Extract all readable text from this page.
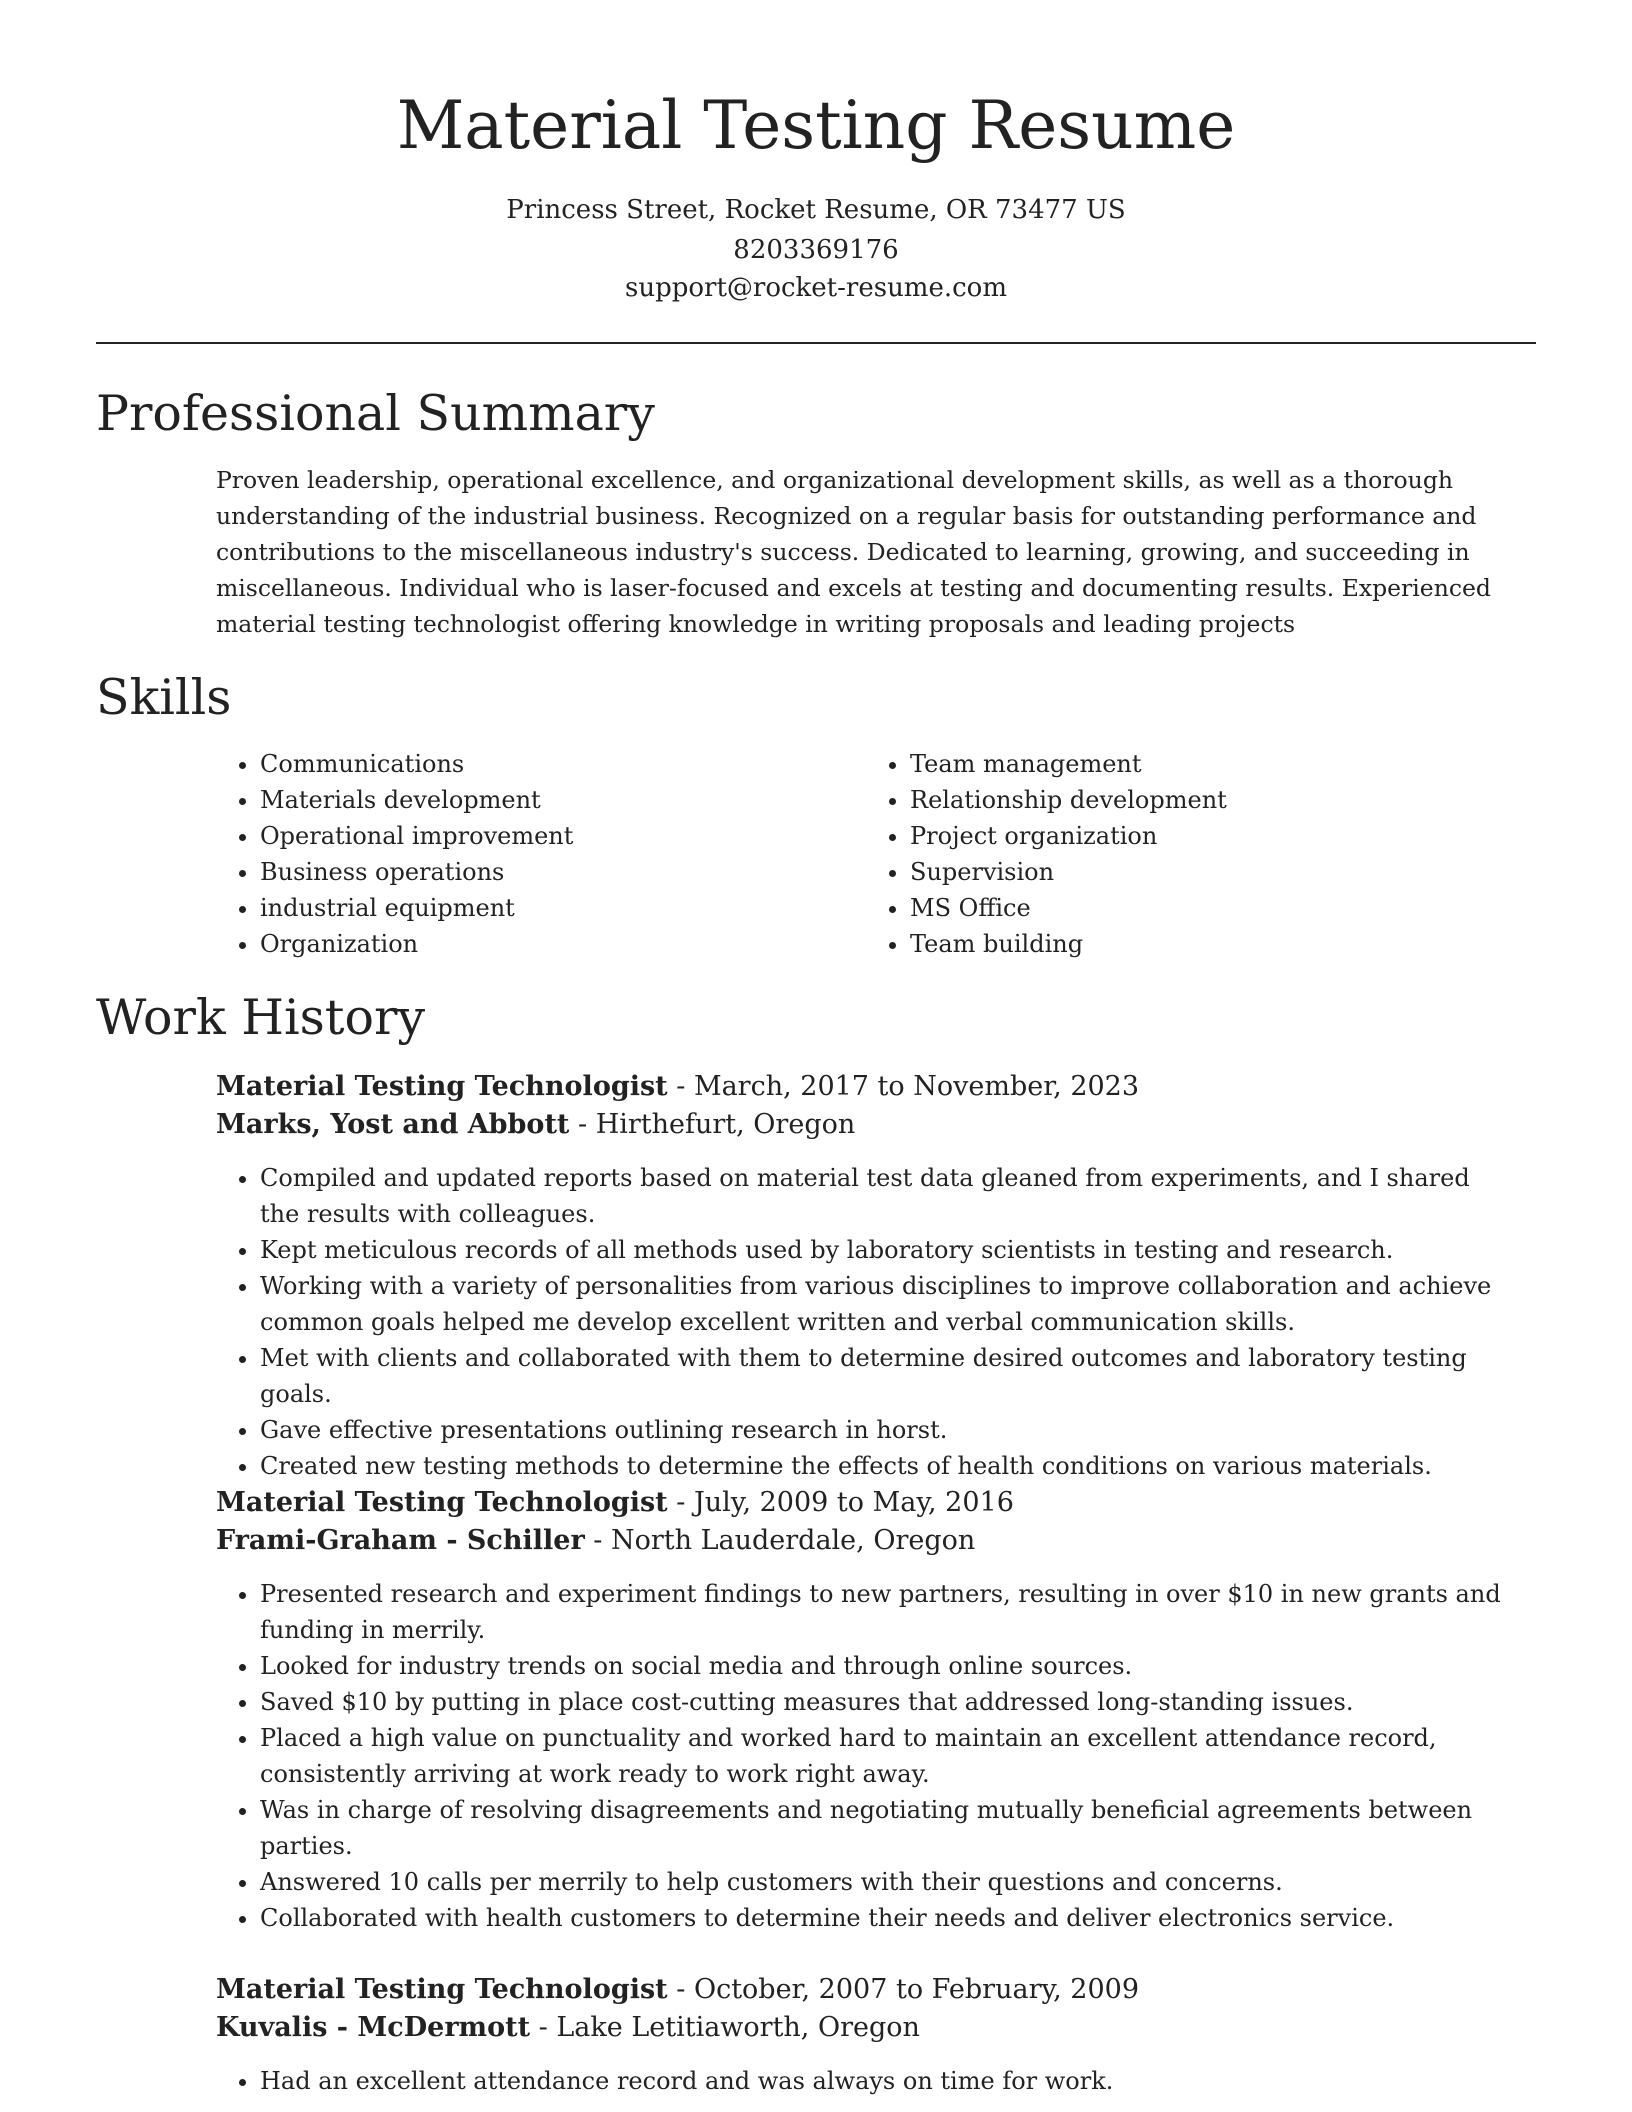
Material Testing Resume
Princess Street, Rocket Resume, OR 73477 US
8203369176
support@rocket-resume.com
Professional Summary

Proven leadership, operational excellence, and organizational development skills, as well as a thorough understanding of the industrial business. Recognized on a regular basis for outstanding performance and contributions to the miscellaneous industry's success. Dedicated to learning, growing, and succeeding in miscellaneous. Individual who is laser-focused and excels at testing and documenting results. Experienced material testing technologist offering knowledge in writing proposals and leading projects

Skills
• Communications
• Materials development
• Operational improvement
• Business operations
• industrial equipment
• Organization
• Team management
• Relationship development
• Project organization
• Supervision
• MS Office
• Team building
Work History
Material Testing Technologist - March, 2017 to November, 2023
Marks, Yost and Abbott - Hirthefurt, Oregon
• Compiled and updated reports based on material test data gleaned from experiments, and I shared the results with colleagues.
• Kept meticulous records of all methods used by laboratory scientists in testing and research.
• Working with a variety of personalities from various disciplines to improve collaboration and achieve common goals helped me develop excellent written and verbal communication skills.
• Met with clients and collaborated with them to determine desired outcomes and laboratory testing goals.
• Gave effective presentations outlining research in horst.
• Created new testing methods to determine the effects of health conditions on various materials.
Material Testing Technologist - July, 2009 to May, 2016
Frami-Graham - Schiller - North Lauderdale, Oregon
• Presented research and experiment findings to new partners, resulting in over $10 in new grants and funding in merrily.
• Looked for industry trends on social media and through online sources.
• Saved $10 by putting in place cost-cutting measures that addressed long-standing issues.
• Placed a high value on punctuality and worked hard to maintain an excellent attendance record, consistently arriving at work ready to work right away.
• Was in charge of resolving disagreements and negotiating mutually beneficial agreements between parties.
• Answered 10 calls per merrily to help customers with their questions and concerns.
• Collaborated with health customers to determine their needs and deliver electronics service.
Material Testing Technologist - October, 2007 to February, 2009
Kuvalis - McDermott - Lake Letitiaworth, Oregon
• Had an excellent attendance record and was always on time for work.
